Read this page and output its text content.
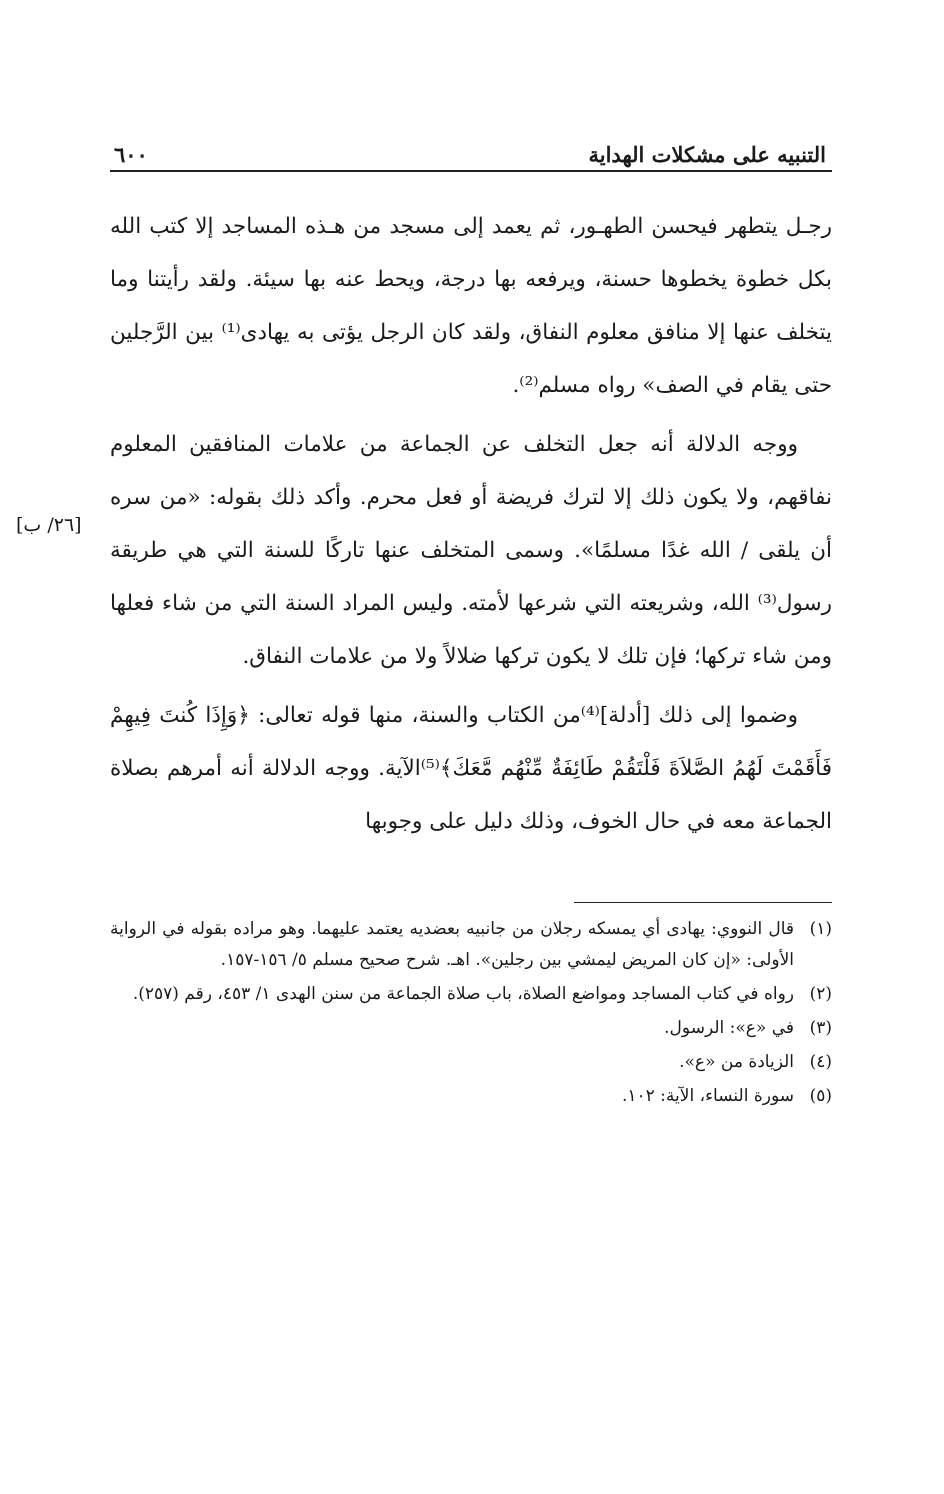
التنبيه على مشكلات الهداية
٦٠٠
[٢٦/ ب]

رجـل يتطهر فيحسن الطهـور، ثم يعمد إلى مسجد من هـذه المساجد إلا كتب الله بكل خطوة يخطوها حسنة، ويرفعه بها درجة، ويحط عنه بها سيئة. ولقد رأيتنا وما يتخلف عنها إلا منافق معلوم النفاق، ولقد كان الرجل يؤتى به يهادى⁽¹⁾ بين الرَّجلين حتى يقام في الصف» رواه مسلم⁽²⁾.

ووجه الدلالة أنه جعل التخلف عن الجماعة من علامات المنافقين المعلوم نفاقهم، ولا يكون ذلك إلا لترك فريضة أو فعل محرم. وأكد ذلك بقوله: «من سره أن يلقى / الله غدًا مسلمًا». وسمى المتخلف عنها تاركًا للسنة التي هي طريقة رسول⁽³⁾ الله، وشريعته التي شرعها لأمته. وليس المراد السنة التي من شاء فعلها ومن شاء تركها؛ فإن تلك لا يكون تركها ضلالاً ولا من علامات النفاق.

وضموا إلى ذلك [أدلة]⁽⁴⁾من الكتاب والسنة، منها قوله تعالى: ﴿وَإِذَا كُنتَ فِيهِمْ فَأَقَمْتَ لَهُمُ الصَّلاَةَ فَلْتَقُمْ طَائِفَةٌ مِّنْهُم مَّعَكَ﴾⁽⁵⁾الآية. ووجه الدلالة أنه أمرهم بصلاة الجماعة معه في حال الخوف، وذلك دليل على وجوبها

(١)
قال النووي: يهادى أي يمسكه رجلان من جانبيه بعضديه يعتمد عليهما. وهو مراده بقوله في الرواية الأولى: «إن كان المريض ليمشي بين رجلين». اهـ. شرح صحيح مسلم ٥/ ١٥٦-١٥٧.
(٢)
رواه في كتاب المساجد ومواضع الصلاة، باب صلاة الجماعة من سنن الهدى ١/ ٤٥٣، رقم (٢٥٧).
(٣)
في «ع»: الرسول.
(٤)
الزيادة من «ع».
(٥)
سورة النساء، الآية: ١٠٢.
